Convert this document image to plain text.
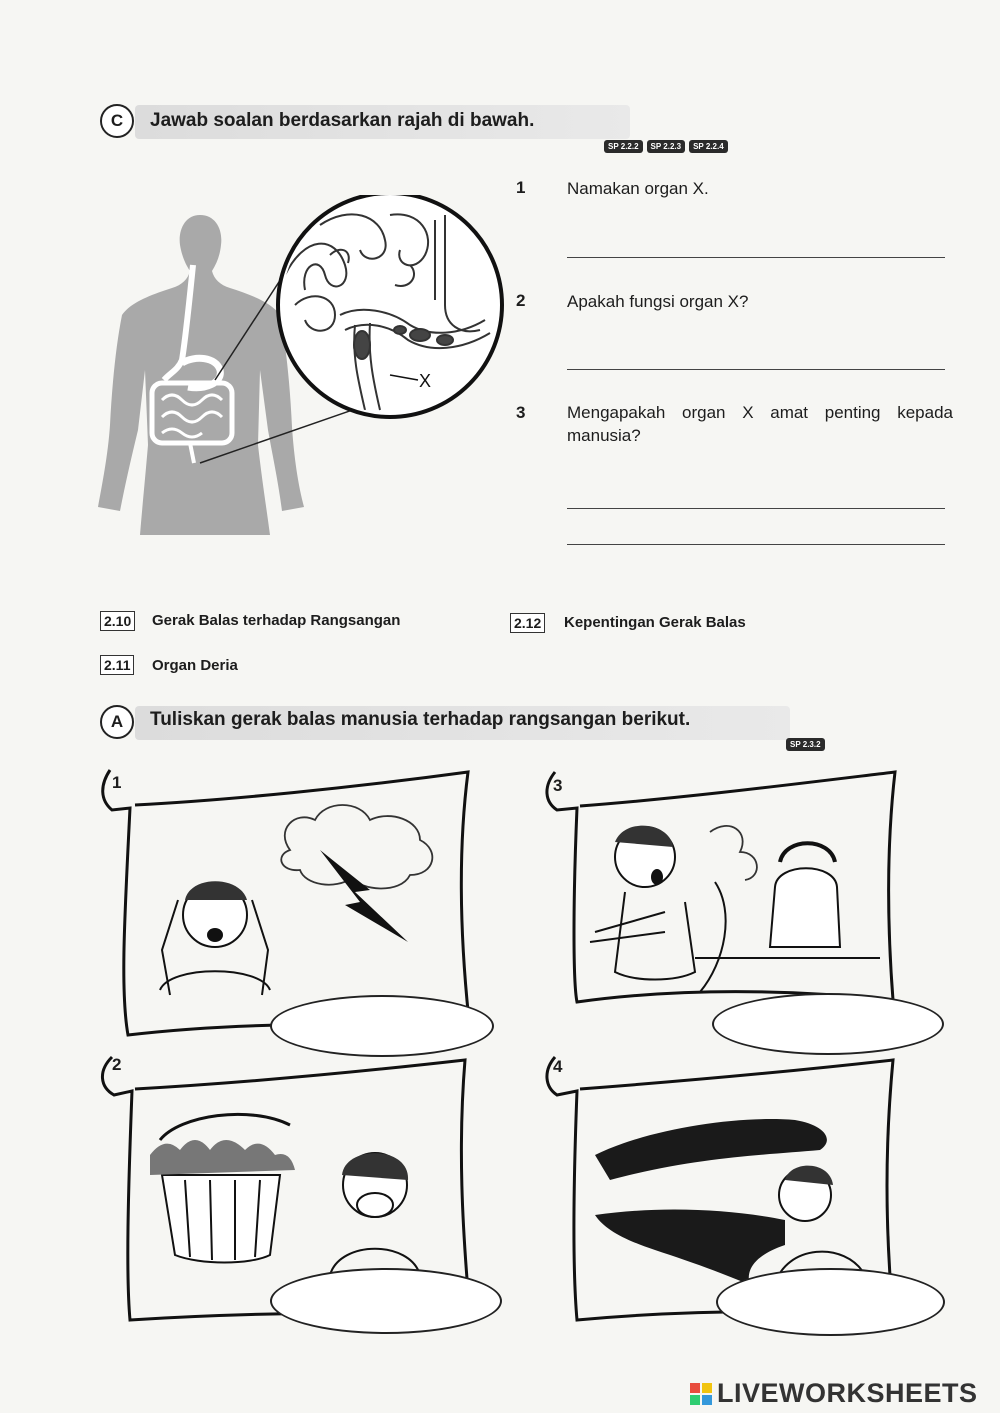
C	Jawab soalan berdasarkan rajah di bawah.
SP 2.2.2 SP 2.2.3 SP 2.2.4
X
1 Namakan organ X.
2 Apakah fungsi organ X?
3 Mengapakah organ X amat penting kepada manusia?
2.10 Gerak Balas terhadap Rangsangan	2.12 Kepentingan Gerak Balas
2.11 Organ Deria
A	Tuliskan gerak balas manusia terhadap rangsangan berikut.
SP 2.3.2
1	3
2	4
LIVEWORKSHEETS
